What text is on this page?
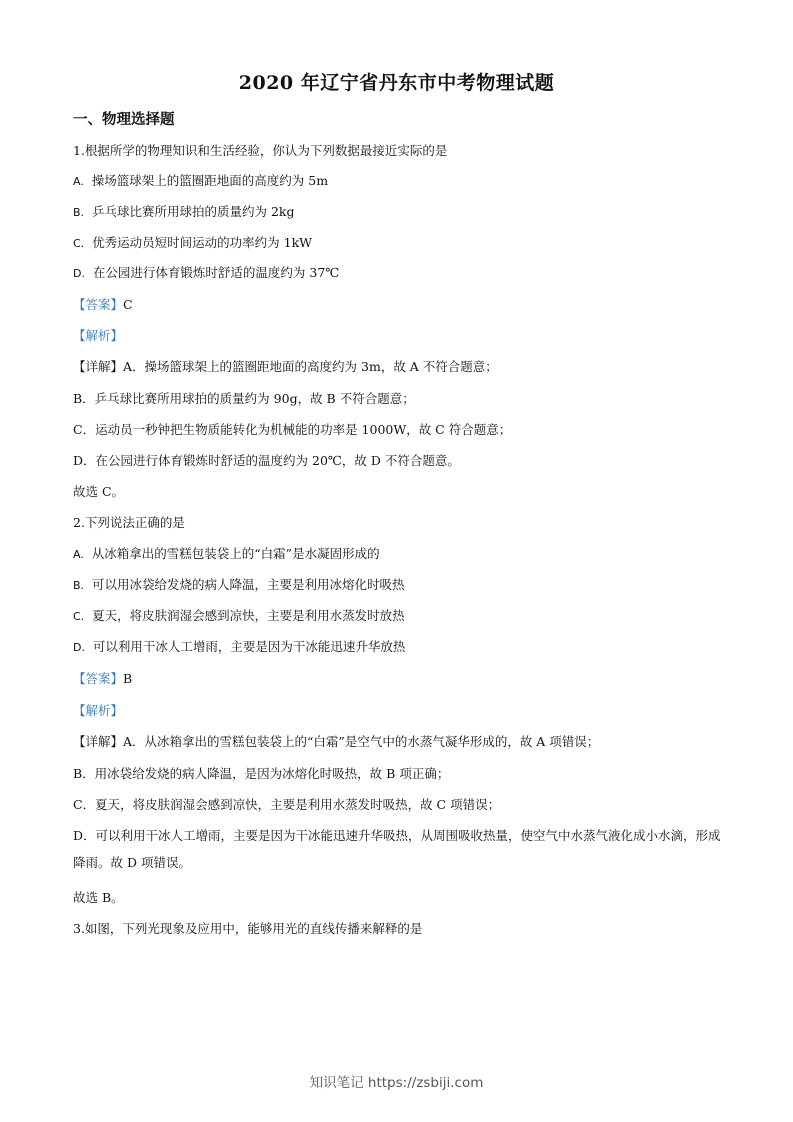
2020 年辽宁省丹东市中考物理试题
一、物理选择题
1.根据所学的物理知识和生活经验，你认为下列数据最接近实际的是
A. 操场篮球架上的篮圈距地面的高度约为 5m
B. 乒乓球比赛所用球拍的质量约为 2kg
C. 优秀运动员短时间运动的功率约为 1kW
D. 在公园进行体育锻炼时舒适的温度约为 37℃
【答案】C
【解析】
【详解】A．操场篮球架上的篮圈距地面的高度约为 3m，故 A 不符合题意；
B．乒乓球比赛所用球拍的质量约为 90g，故 B 不符合题意；
C．运动员一秒钟把生物质能转化为机械能的功率是 1000W，故 C 符合题意；
D．在公园进行体育锻炼时舒适的温度约为 20℃，故 D 不符合题意。
故选 C。
2.下列说法正确的是
A. 从冰箱拿出的雪糕包装袋上的“白霜”是水凝固形成的
B. 可以用冰袋给发烧的病人降温，主要是利用冰熔化时吸热
C. 夏天，将皮肤润湿会感到凉快，主要是利用水蒸发时放热
D. 可以利用干冰人工增雨，主要是因为干冰能迅速升华放热
【答案】B
【解析】
【详解】A．从冰箱拿出的雪糕包装袋上的“白霜”是空气中的水蒸气凝华形成的，故 A 项错误；
B．用冰袋给发烧的病人降温，是因为冰熔化时吸热，故 B 项正确；
C．夏天，将皮肤润湿会感到凉快，主要是利用水蒸发时吸热，故 C 项错误；
D．可以利用干冰人工增雨，主要是因为干冰能迅速升华吸热，从周围吸收热量，使空气中水蒸气液化成小水滴，形成降雨。故 D 项错误。
故选 B。
3.如图，下列光现象及应用中，能够用光的直线传播来解释的是
知识笔记 https://zsbiji.com
